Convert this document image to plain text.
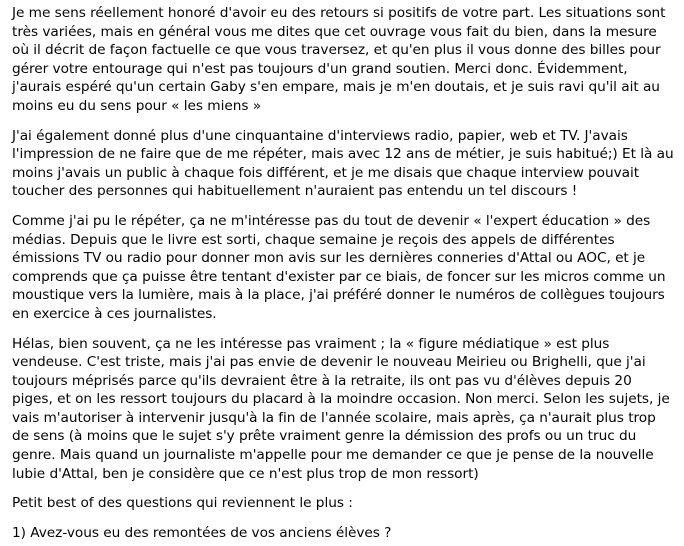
Je me sens réellement honoré d'avoir eu des retours si positifs de votre part. Les situations sont très variées, mais en général vous me dites que cet ouvrage vous fait du bien, dans la mesure où il décrit de façon factuelle ce que vous traversez, et qu'en plus il vous donne des billes pour gérer votre entourage qui n'est pas toujours d'un grand soutien. Merci donc. Évidemment, j'aurais espéré qu'un certain Gaby s'en empare, mais je m'en doutais, et je suis ravi qu'il ait au moins eu du sens pour « les miens »

J'ai également donné plus d'une cinquantaine d'interviews radio, papier, web et TV. J'avais l'impression de ne faire que de me répéter, mais avec 12 ans de métier, je suis habitué;) Et là au moins j'avais un public à chaque fois différent, et je me disais que chaque interview pouvait toucher des personnes qui habituellement n'auraient pas entendu un tel discours !

Comme j'ai pu le répéter, ça ne m'intéresse pas du tout de devenir « l'expert éducation » des médias. Depuis que le livre est sorti, chaque semaine je reçois des appels de différentes émissions TV ou radio pour donner mon avis sur les dernières conneries d'Attal ou AOC, et je comprends que ça puisse être tentant d'exister par ce biais, de foncer sur les micros comme un moustique vers la lumière, mais à la place, j'ai préféré donner le numéros de collègues toujours en exercice à ces journalistes.

Hélas, bien souvent, ça ne les intéresse pas vraiment ; la « figure médiatique » est plus vendeuse. C'est triste, mais j'ai pas envie de devenir le nouveau Meirieu ou Brighelli, que j'ai toujours méprisés parce qu'ils devraient être à la retraite, ils ont pas vu d'élèves depuis 20 piges, et on les ressort toujours du placard à la moindre occasion. Non merci. Selon les sujets, je vais m'autoriser à intervenir jusqu'à la fin de l'année scolaire, mais après, ça n'aurait plus trop de sens (à moins que le sujet s'y prête vraiment genre la démission des profs ou un truc du genre. Mais quand un journaliste m'appelle pour me demander ce que je pense de la nouvelle lubie d'Attal, ben je considère que ce n'est plus trop de mon ressort)

Petit best of des questions qui reviennent le plus :

1) Avez-vous eu des remontées de vos anciens élèves ?
